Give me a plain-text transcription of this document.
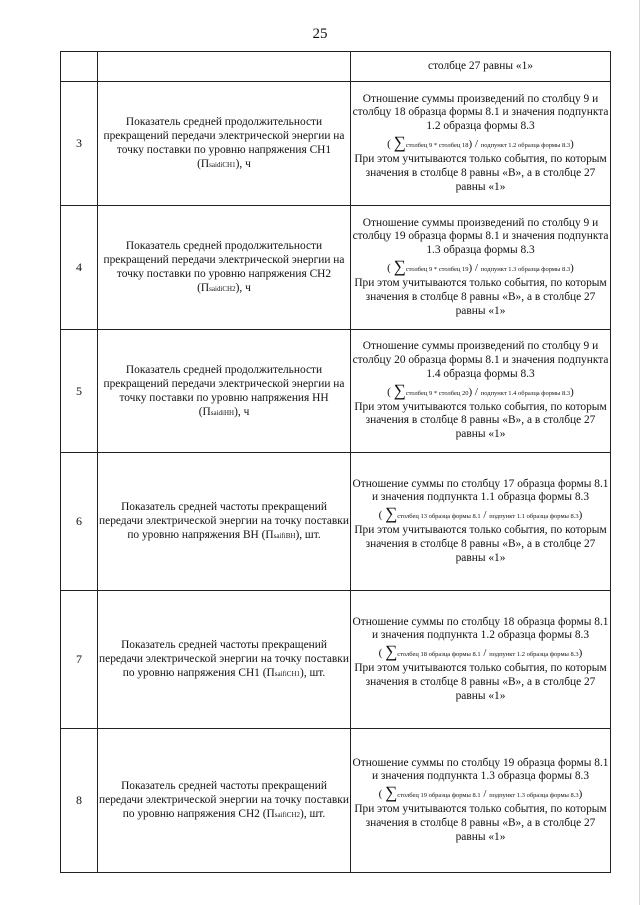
25
		столбце 27 равны «1»
3	Показатель средней продолжительности прекращений передачи электрической энергии на точку поставки по уровню напряжения СН1 (ПsaidiCH1), ч	Отношение суммы произведений по столбцу 9 и столбцу 18 образца формы 8.1 и значения подпункта 1.2 образца формы 8.3
( ∑столбец 9 * столбец 18) / подпункт 1.2 образца формы 8.3)
При этом учитываются только события, по которым значения в столбце 8 равны «В», а в столбце 27 равны «1»

4	Показатель средней продолжительности прекращений передачи электрической энергии на точку поставки по уровню напряжения СН2 (ПsaidiCH2), ч	Отношение суммы произведений по столбцу 9 и столбцу 19 образца формы 8.1 и значения подпункта 1.3 образца формы 8.3
( ∑столбец 9 * столбец 19) / подпункт 1.3 образца формы 8.3)
При этом учитываются только события, по которым значения в столбце 8 равны «В», а в столбце 27 равны «1»

5	Показатель средней продолжительности прекращений передачи электрической энергии на точку поставки по уровню напряжения НН (ПsaidiHH), ч	Отношение суммы произведений по столбцу 9 и столбцу 20 образца формы 8.1 и значения подпункта 1.4 образца формы 8.3
( ∑столбец 9 * столбец 20) / подпункт 1.4 образца формы 8.3)
При этом учитываются только события, по которым значения в столбце 8 равны «В», а в столбце 27 равны «1»

6	Показатель средней частоты прекращений передачи электрической энергии на точку поставки по уровню напряжения ВН (ПsaifiBH), шт.	Отношение суммы по столбцу 17 образца формы 8.1 и значения подпункта 1.1 образца формы 8.3
( ∑столбец 13 образца формы 8.1 / подпункт 1.1 образца формы 8.3)
При этом учитываются только события, по которым значения в столбце 8 равны «В», а в столбце 27 равны «1»

7	Показатель средней частоты прекращений передачи электрической энергии на точку поставки по уровню напряжения СН1 (ПsaifiCH1), шт.	Отношение суммы по столбцу 18 образца формы 8.1 и значения подпункта 1.2 образца формы 8.3
( ∑столбец 18 образца формы 8.1 / подпункт 1.2 образца формы 8.3)
При этом учитываются только события, по которым значения в столбце 8 равны «В», а в столбце 27 равны «1»

8	Показатель средней частоты прекращений передачи электрической энергии на точку поставки по уровню напряжения СН2 (ПsaifiCH2), шт.	Отношение суммы по столбцу 19 образца формы 8.1 и значения подпункта 1.3 образца формы 8.3
( ∑столбец 19 образца формы 8.1 / подпункт 1.3 образца формы 8.3)
При этом учитываются только события, по которым значения в столбце 8 равны «В», а в столбце 27 равны «1»
